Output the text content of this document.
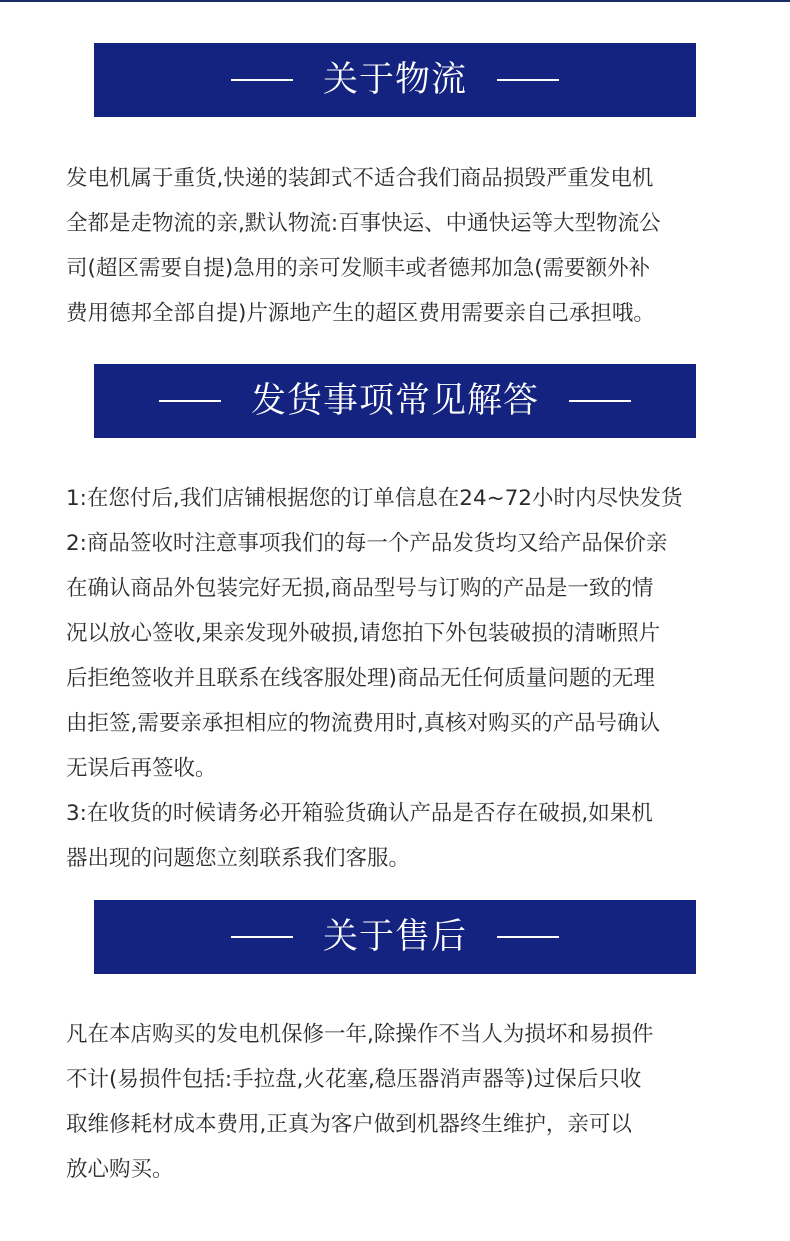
关于物流
发电机属于重货,快递的装卸式不适合我们商品损毁严重发电机
全都是走物流的亲,默认物流:百事快运、中通快运等大型物流公
司(超区需要自提)急用的亲可发顺丰或者德邦加急(需要额外补
费用德邦全部自提)片源地产生的超区费用需要亲自己承担哦。
发货事项常见解答
1:在您付后,我们店铺根据您的订单信息在24~72小时内尽快发货
2:商品签收时注意事项我们的每一个产品发货均又给产品保价亲
在确认商品外包装完好无损,商品型号与订购的产品是一致的情
况以放心签收,果亲发现外破损,请您拍下外包装破损的清晰照片
后拒绝签收并且联系在线客服处理)商品无任何质量问题的无理
由拒签,需要亲承担相应的物流费用时,真核对购买的产品号确认
无误后再签收。
3:在收货的时候请务必开箱验货确认产品是否存在破损,如果机
器出现的问题您立刻联系我们客服。
关于售后
凡在本店购买的发电机保修一年,除操作不当人为损坏和易损件
不计(易损件包括:手拉盘,火花塞,稳压器消声器等)过保后只收
取维修耗材成本费用,正真为客户做到机器终生维护，亲可以
放心购买。
